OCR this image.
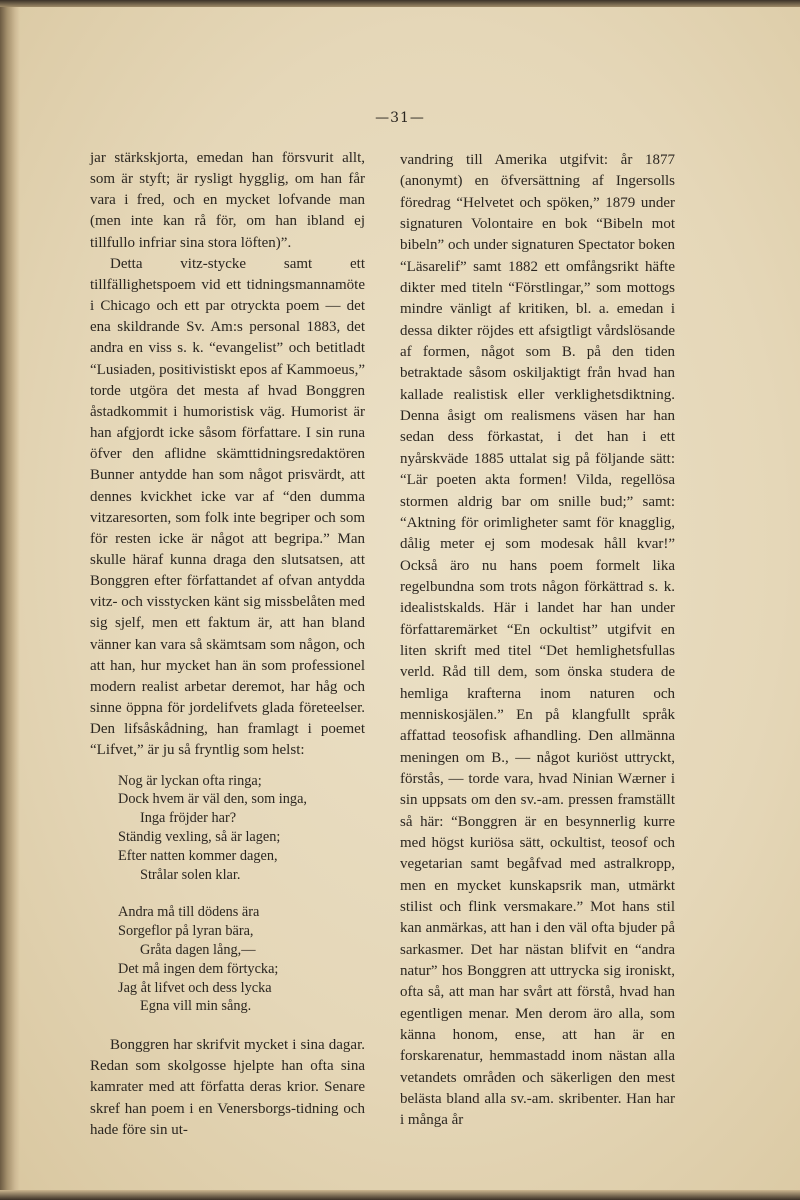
—31—

jar stärkskjorta, emedan han försvurit allt, som är styft; är rysligt hygglig, om han får vara i fred, och en mycket lofvande man (men inte kan rå för, om han ibland ej tillfullo infriar sina stora löften)”.

Detta vitz-stycke samt ett tillfällighetspoem vid ett tidningsmannamöte i Chicago och ett par otryckta poem — det ena skildrande Sv. Am:s personal 1883, det andra en viss s. k. “evangelist” och betitladt “Lusiaden, positivistiskt epos af Kammoeus,” torde utgöra det mesta af hvad Bonggren åstadkommit i humoristisk väg. Humorist är han afgjordt icke såsom författare. I sin runa öfver den aflidne skämttidningsredaktören Bunner antydde han som något prisvärdt, att dennes kvickhet icke var af “den dumma vitzaresorten, som folk inte begriper och som för resten icke är något att begripa.” Man skulle häraf kunna draga den slutsatsen, att Bonggren efter författandet af ofvan antydda vitz- och visstycken känt sig missbelåten med sig sjelf, men ett faktum är, att han bland vänner kan vara så skämtsam som någon, och att han, hur mycket han än som professionel modern realist arbetar deremot, har håg och sinne öppna för jordelifvets glada företeelser. Den lifsåskådning, han framlagt i poemet “Lifvet,” är ju så fryntlig som helst:

Nog är lyckan ofta ringa;
Dock hvem är väl den, som inga,
Inga fröjder har?
Ständig vexling, så är lagen;
Efter natten kommer dagen,
Strålar solen klar.
Andra må till dödens ära
Sorgeflor på lyran bära,
Gråta dagen lång,—
Det må ingen dem förtycka;
Jag åt lifvet och dess lycka
Egna vill min sång.

Bonggren har skrifvit mycket i sina dagar. Redan som skolgosse hjelpte han ofta sina kamrater med att författa deras krior. Senare skref han poem i en Venersborgs-tidning och hade före sin ut-

vandring till Amerika utgifvit: år 1877 (anonymt) en öfversättning af Ingersolls föredrag “Helvetet och spöken,” 1879 under signaturen Volontaire en bok “Bibeln mot bibeln” och under signaturen Spectator boken “Läsarelif” samt 1882 ett omfångsrikt häfte dikter med titeln “Förstlingar,” som mottogs mindre vänligt af kritiken, bl. a. emedan i dessa dikter röjdes ett afsigtligt vårdslösande af formen, något som B. på den tiden betraktade såsom oskiljaktigt från hvad han kallade realistisk eller verklighetsdiktning. Denna åsigt om realismens väsen har han sedan dess förkastat, i det han i ett nyårskväde 1885 uttalat sig på följande sätt: “Lär poeten akta formen! Vilda, regellösa stormen aldrig bar om snille bud;” samt: “Aktning för orimligheter samt för knagglig, dålig meter ej som modesak håll kvar!” Också äro nu hans poem formelt lika regelbundna som trots någon förkättrad s. k. idealistskalds. Här i landet har han under författaremärket “En ockultist” utgifvit en liten skrift med titel “Det hemlighetsfullas verld. Råd till dem, som önska studera de hemliga krafterna inom naturen och menniskosjälen.” En på klangfullt språk affattad teosofisk afhandling. Den allmänna meningen om B., — något kuriöst uttryckt, förstås, — torde vara, hvad Ninian Wærner i sin uppsats om den sv.-am. pressen framställt så här: “Bonggren är en besynnerlig kurre med högst kuriösa sätt, ockultist, teosof och vegetarian samt begåfvad med astralkropp, men en mycket kunskapsrik man, utmärkt stilist och flink versmakare.” Mot hans stil kan anmärkas, att han i den väl ofta bjuder på sarkasmer. Det har nästan blifvit en “andra natur” hos Bonggren att uttrycka sig ironiskt, ofta så, att man har svårt att förstå, hvad han egentligen menar. Men derom äro alla, som känna honom, ense, att han är en forskarenatur, hemmastadd inom nästan alla vetandets områden och säkerligen den mest belästa bland alla sv.-am. skribenter. Han har i många år
